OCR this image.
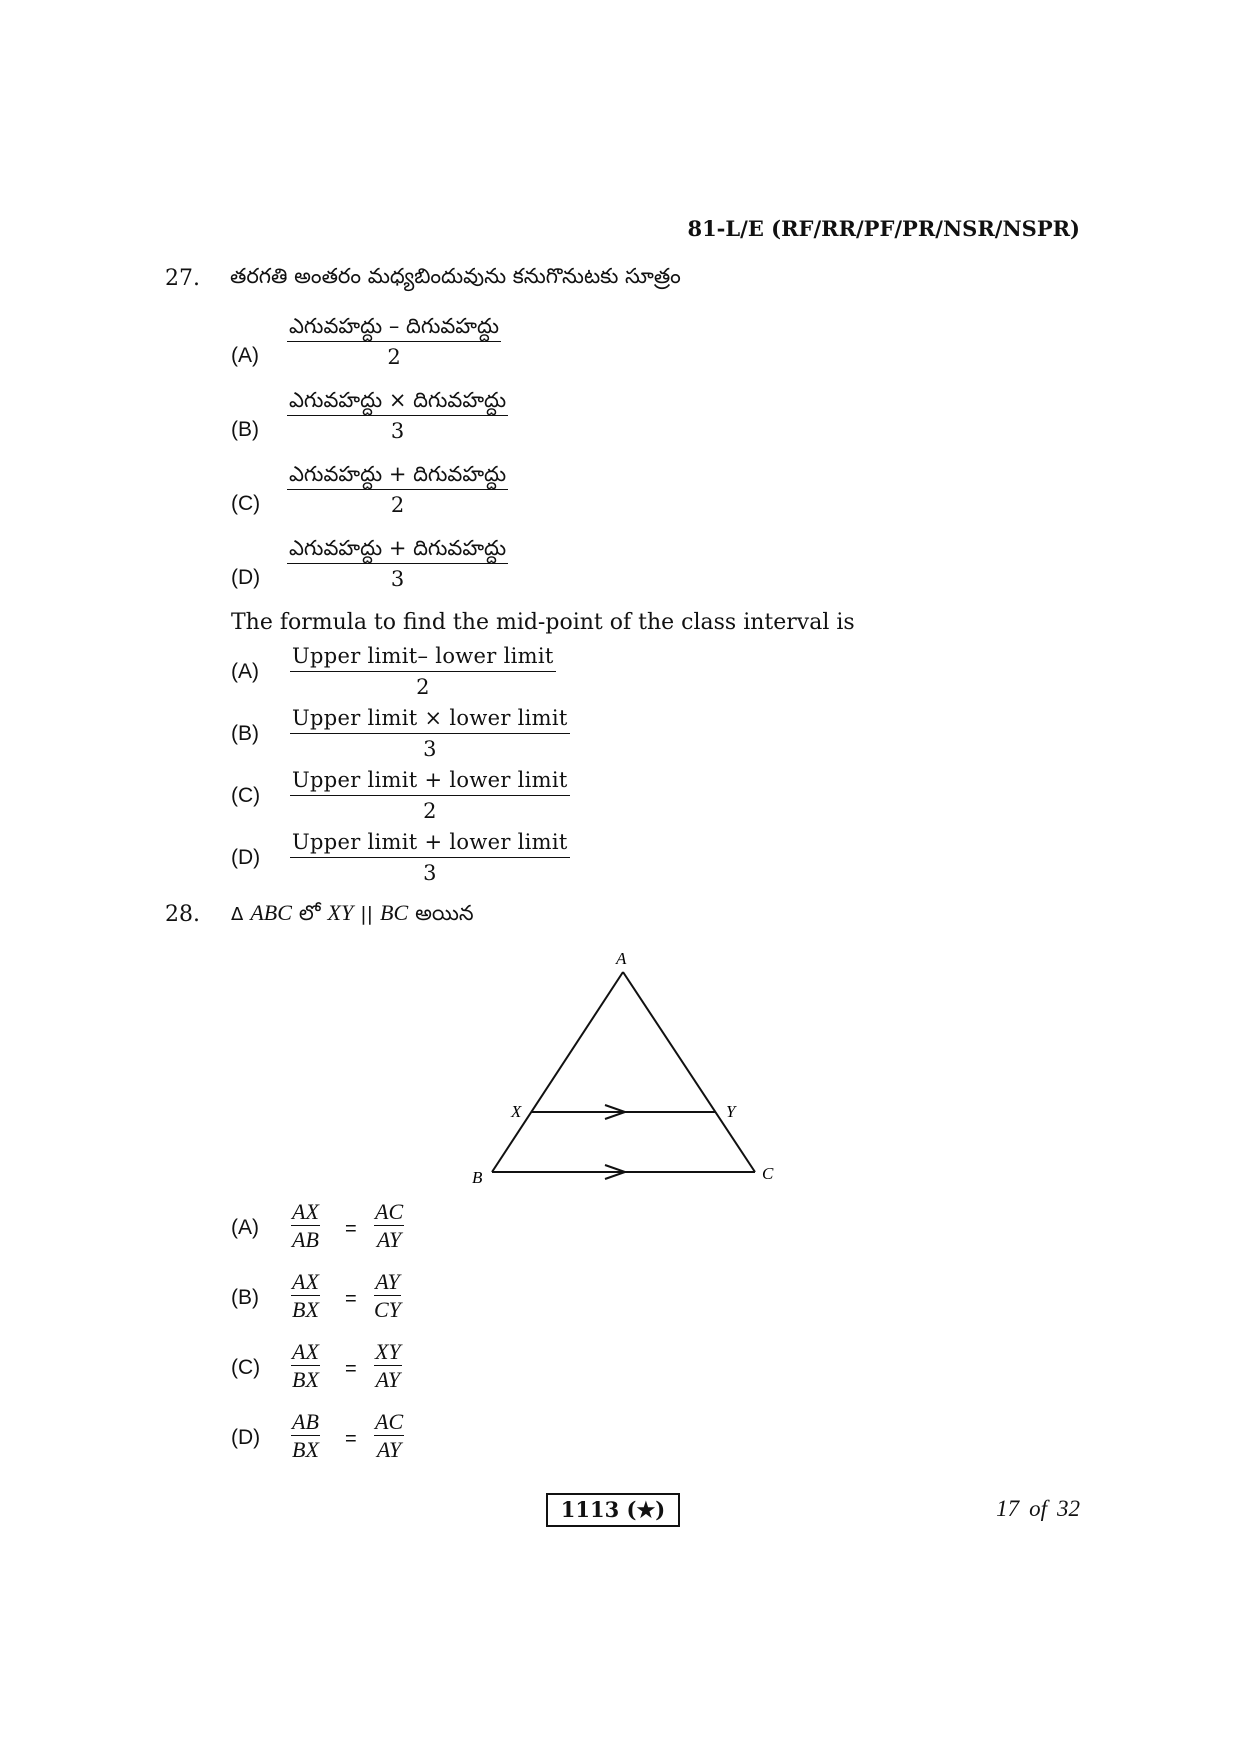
81-L/E (RF/RR/PF/PR/NSR/NSPR)
27. తరగతి అంతరం మధ్యబిందువును కనుగొనుటకు సూత్రం
(A)
ఎగువహద్దు – దిగువహద్దు
2
(B)
ఎగువహద్దు × దిగువహద్దు
3
(C)
ఎగువహద్దు + దిగువహద్దు
2
(D)
ఎగువహద్దు + దిగువహద్దు
3
The formula to find the mid-point of the class interval is
(A)
Upper limit– lower limit
2
(B)
Upper limit × lower limit
3
(C)
Upper limit + lower limit
2
(D)
Upper limit + lower limit
3
28. Δ ABC లో XY || BC అయిన
A
B	C
X	Y
$(A) \frac{AX}{AB} = \frac{AC}{AY}$
$(B) \frac{AX}{BX} = \frac{AY}{CY}$
$(C) \frac{AX}{BX} = \frac{XY}{AY}$
$(D) \frac{AB}{BX} = \frac{AC}{AY}$
1113 (★)	17 of 32
